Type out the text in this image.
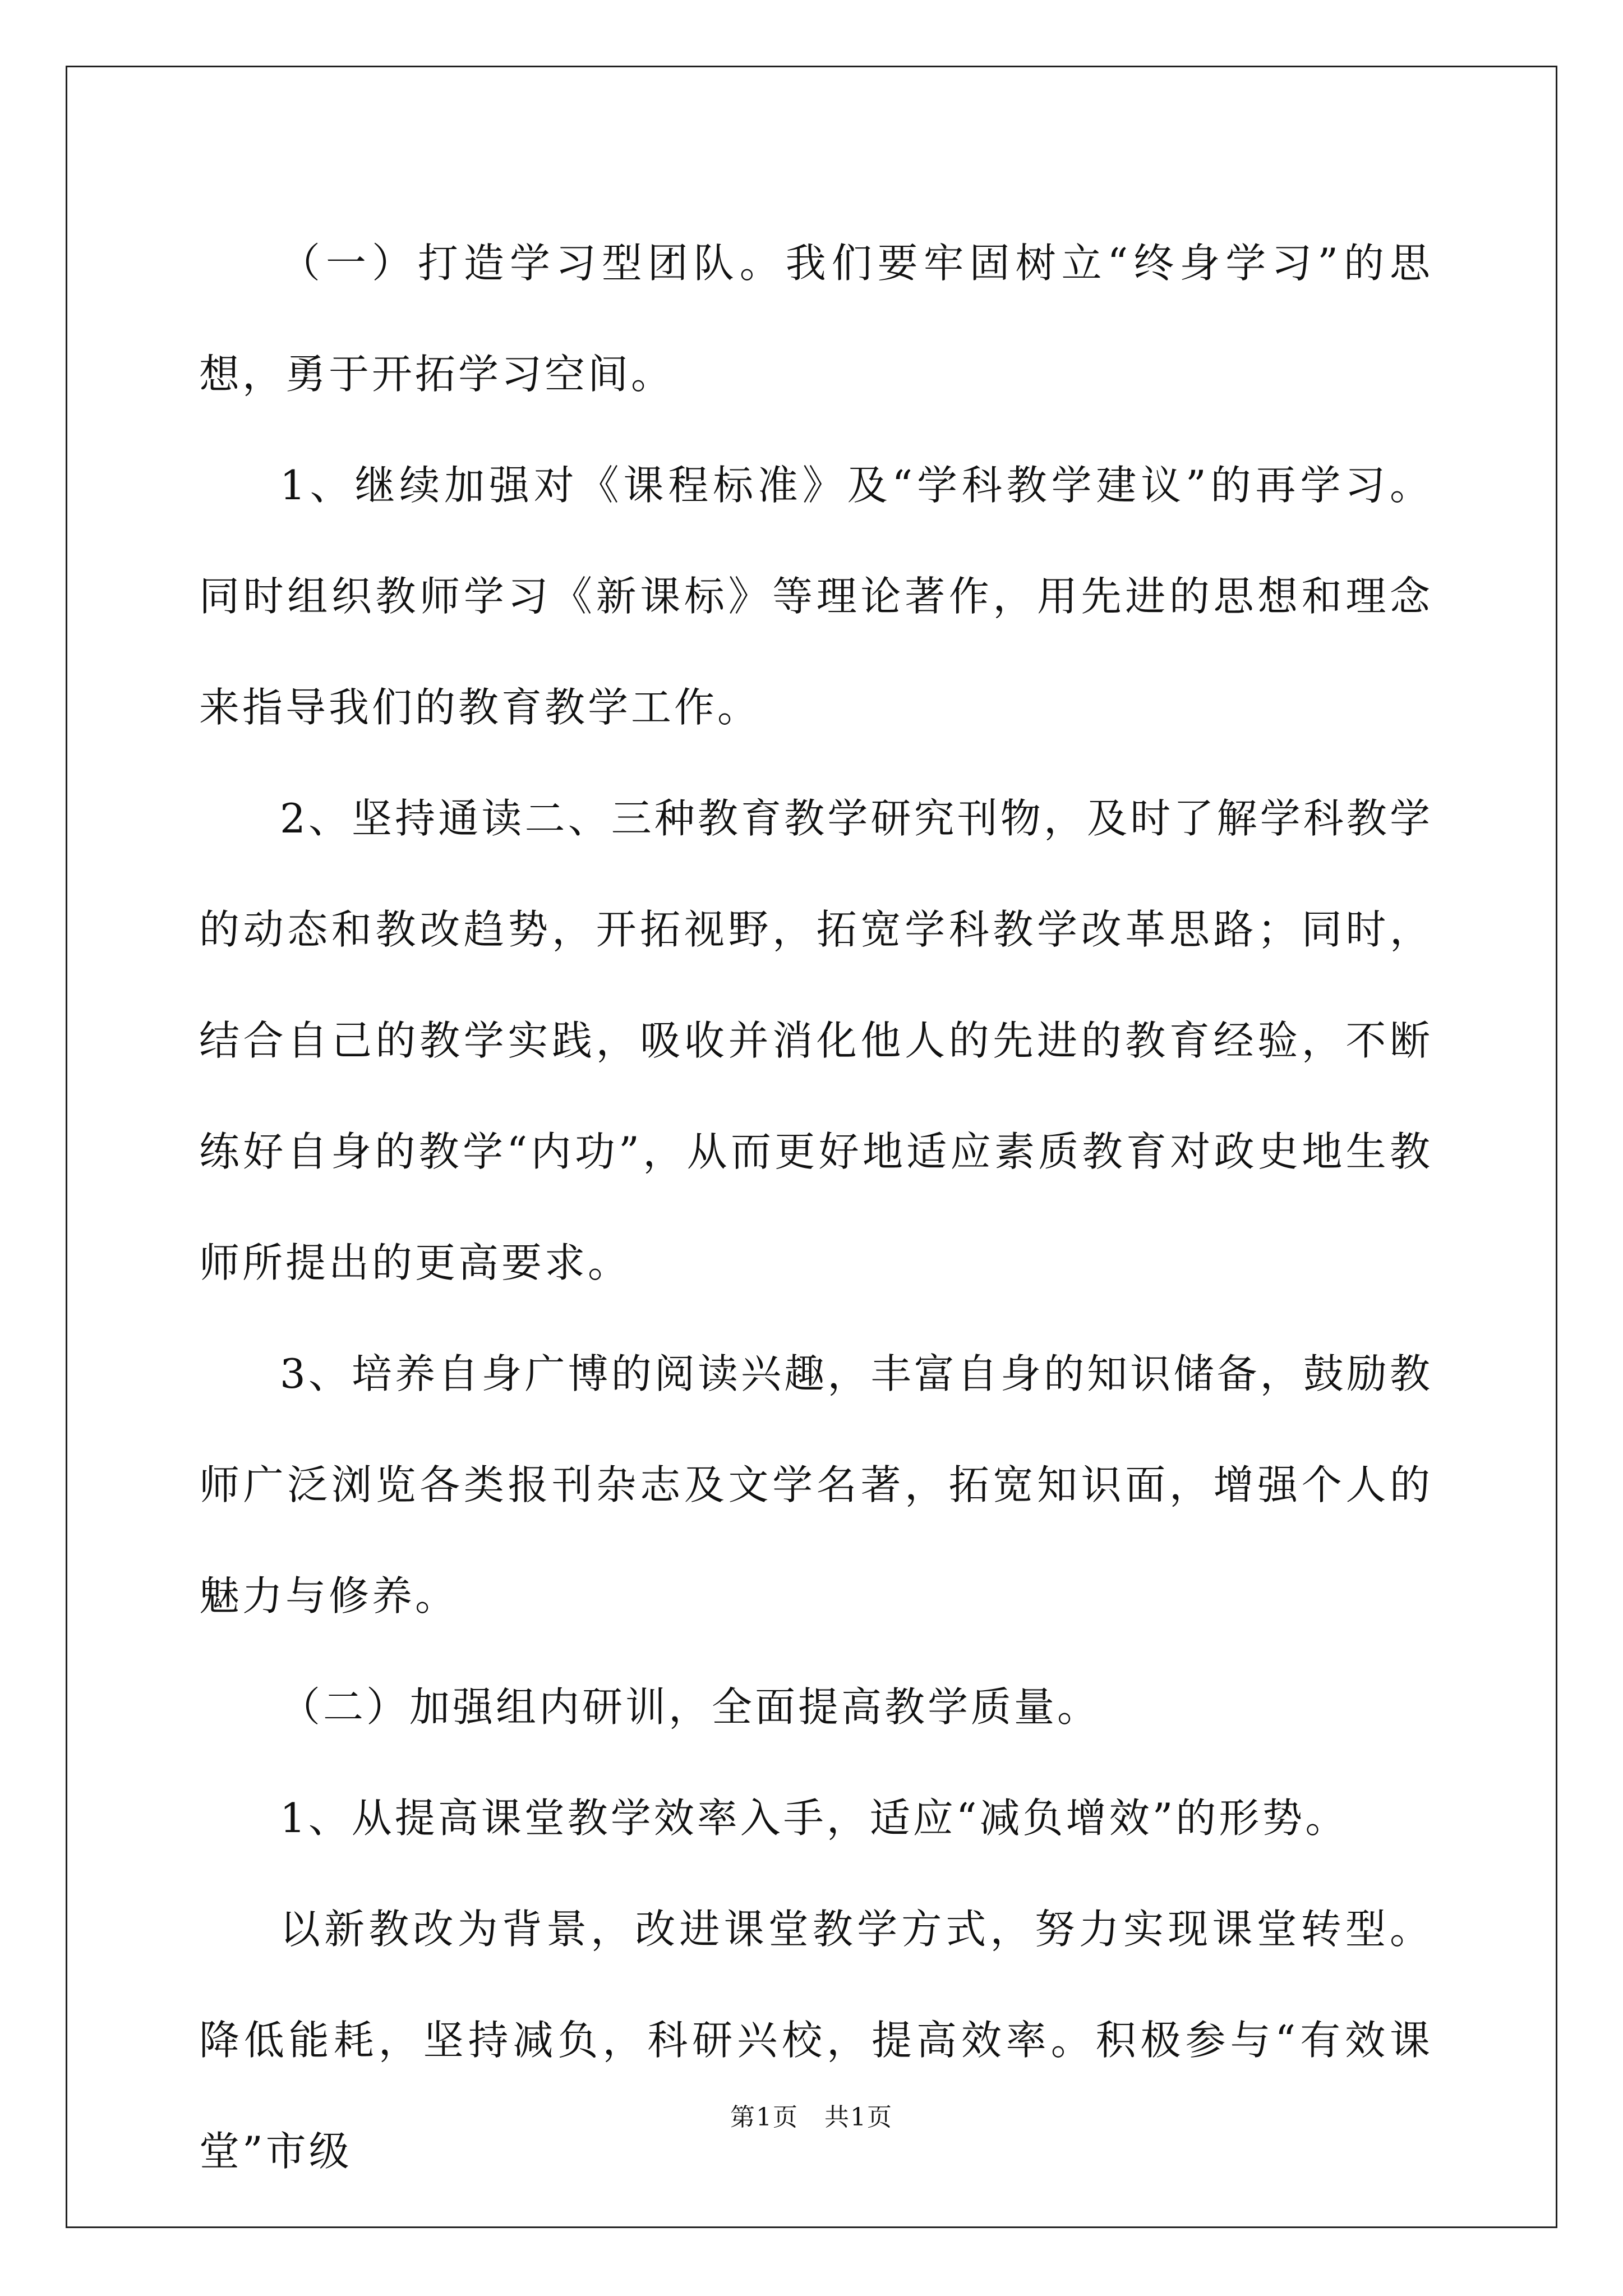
（一）打造学习型团队。我们要牢固树立“终身学习”的思想，勇于开拓学习空间。

1、继续加强对《课程标准》及“学科教学建议”的再学习。同时组织教师学习《新课标》等理论著作，用先进的思想和理念来指导我们的教育教学工作。

2、坚持通读二、三种教育教学研究刊物，及时了解学科教学的动态和教改趋势，开拓视野，拓宽学科教学改革思路；同时，结合自己的教学实践，吸收并消化他人的先进的教育经验，不断练好自身的教学“内功”，从而更好地适应素质教育对政史地生教师所提出的更高要求。

3、培养自身广博的阅读兴趣，丰富自身的知识储备，鼓励教师广泛浏览各类报刊杂志及文学名著，拓宽知识面，增强个人的魅力与修养。

（二）加强组内研训，全面提高教学质量。

1、从提高课堂教学效率入手，适应“减负增效”的形势。

以新教改为背景，改进课堂教学方式，努力实现课堂转型。降低能耗，坚持减负，科研兴校，提高效率。积极参与“有效课堂”市级

第1页　共1页
